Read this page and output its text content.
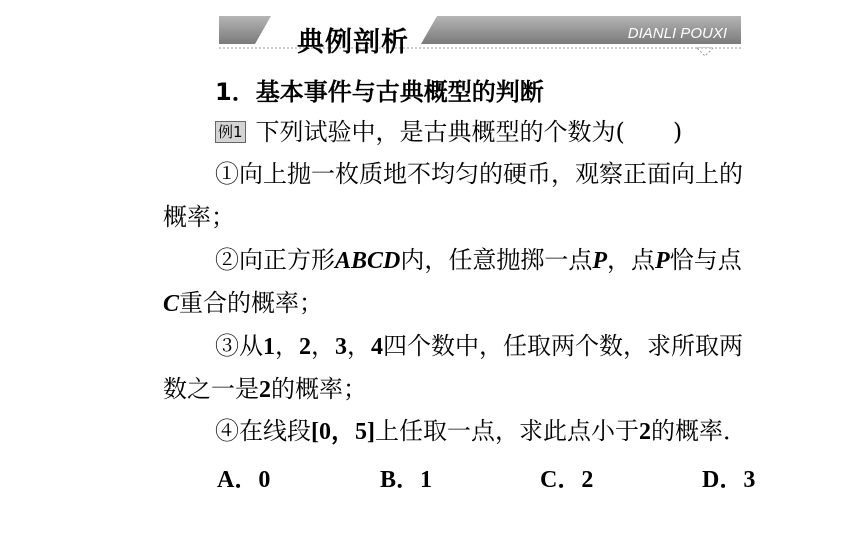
典例剖析	DIANLI POUXI
1．基本事件与古典概型的判断
例1 下列试验中，是古典概型的个数为(　　)
①向上抛一枚质地不均匀的硬币，观察正面向上的
概率；
②向正方形ABCD内，任意抛掷一点P，点P恰与点
C重合的概率；
③从1，2，3，4四个数中，任取两个数，求所取两
数之一是2的概率；
④在线段[0，5]上任取一点，求此点小于2的概率．
A．0	B．1	C．2	D．3
